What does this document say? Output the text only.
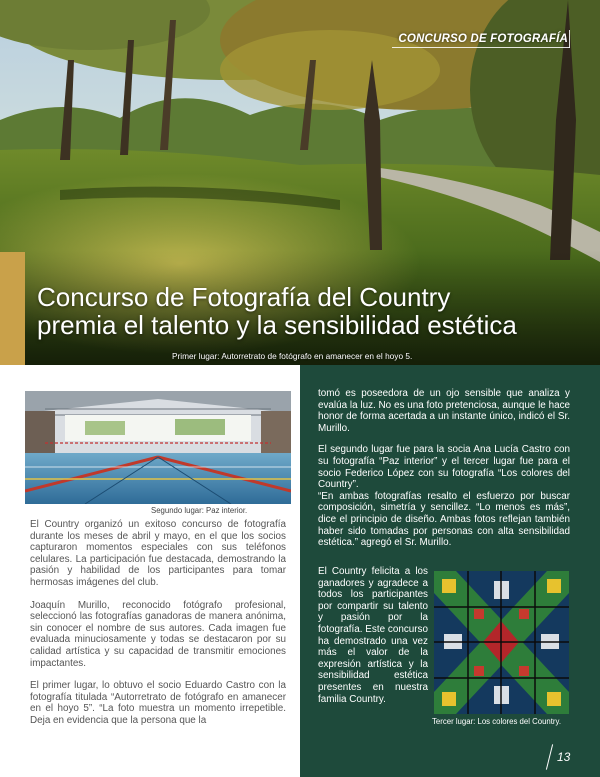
CONCURSO DE FOTOGRAFÍA
Concurso de Fotografía del Country
premia el talento y la sensibilidad estética
Primer lugar: Autorretrato de fotógrafo en amanecer en el hoyo 5.
Segundo lugar: Paz interior.

El Country organizó un exitoso concurso de fotografía durante los meses de abril y mayo, en el que los socios capturaron momentos especiales con sus teléfonos celulares. La participación fue destacada, demostrando la pasión y habilidad de los participantes para tomar hermosas imágenes del club.

Joaquín Murillo, reconocido fotógrafo profesional, seleccionó las fotografías ganadoras de manera anónima, sin conocer el nombre de sus autores. Cada imagen fue evaluada minuciosamente y todas se destacaron por su calidad artística y su capacidad de transmitir emociones impactantes.

El primer lugar, lo obtuvo el socio Eduardo Castro con la fotografía titulada “Autorretrato de fotógrafo en amanecer en el hoyo 5”. “La foto muestra un momento irrepetible. Deja en evidencia que la persona que la

tomó es poseedora de un ojo sensible que analiza y evalúa la luz. No es una foto pretenciosa, aunque le hace honor de forma acertada a un instante único, indicó el Sr. Murillo.

El segundo lugar fue para la socia Ana Lucía Castro con su fotografía “Paz interior” y el tercer lugar fue para el socio Federico López con su fotografía “Los colores del Country”.

“En ambas fotografías resalto el esfuerzo por buscar composición, simetría y sencillez. “Lo menos es más”, dice el principio de diseño. Ambas fotos reflejan también haber sido tomadas por personas con alta sensibilidad estética.” agregó el Sr. Murillo.

El Country felicita a los ganadores y agradece a todos los participantes por compartir su talento y pasión por la fotografía. Este concurso ha demostrado una vez más el valor de la expresión artística y la sensibilidad estética presentes en nuestra familia Country.

Tercer lugar: Los colores del Country.
13
